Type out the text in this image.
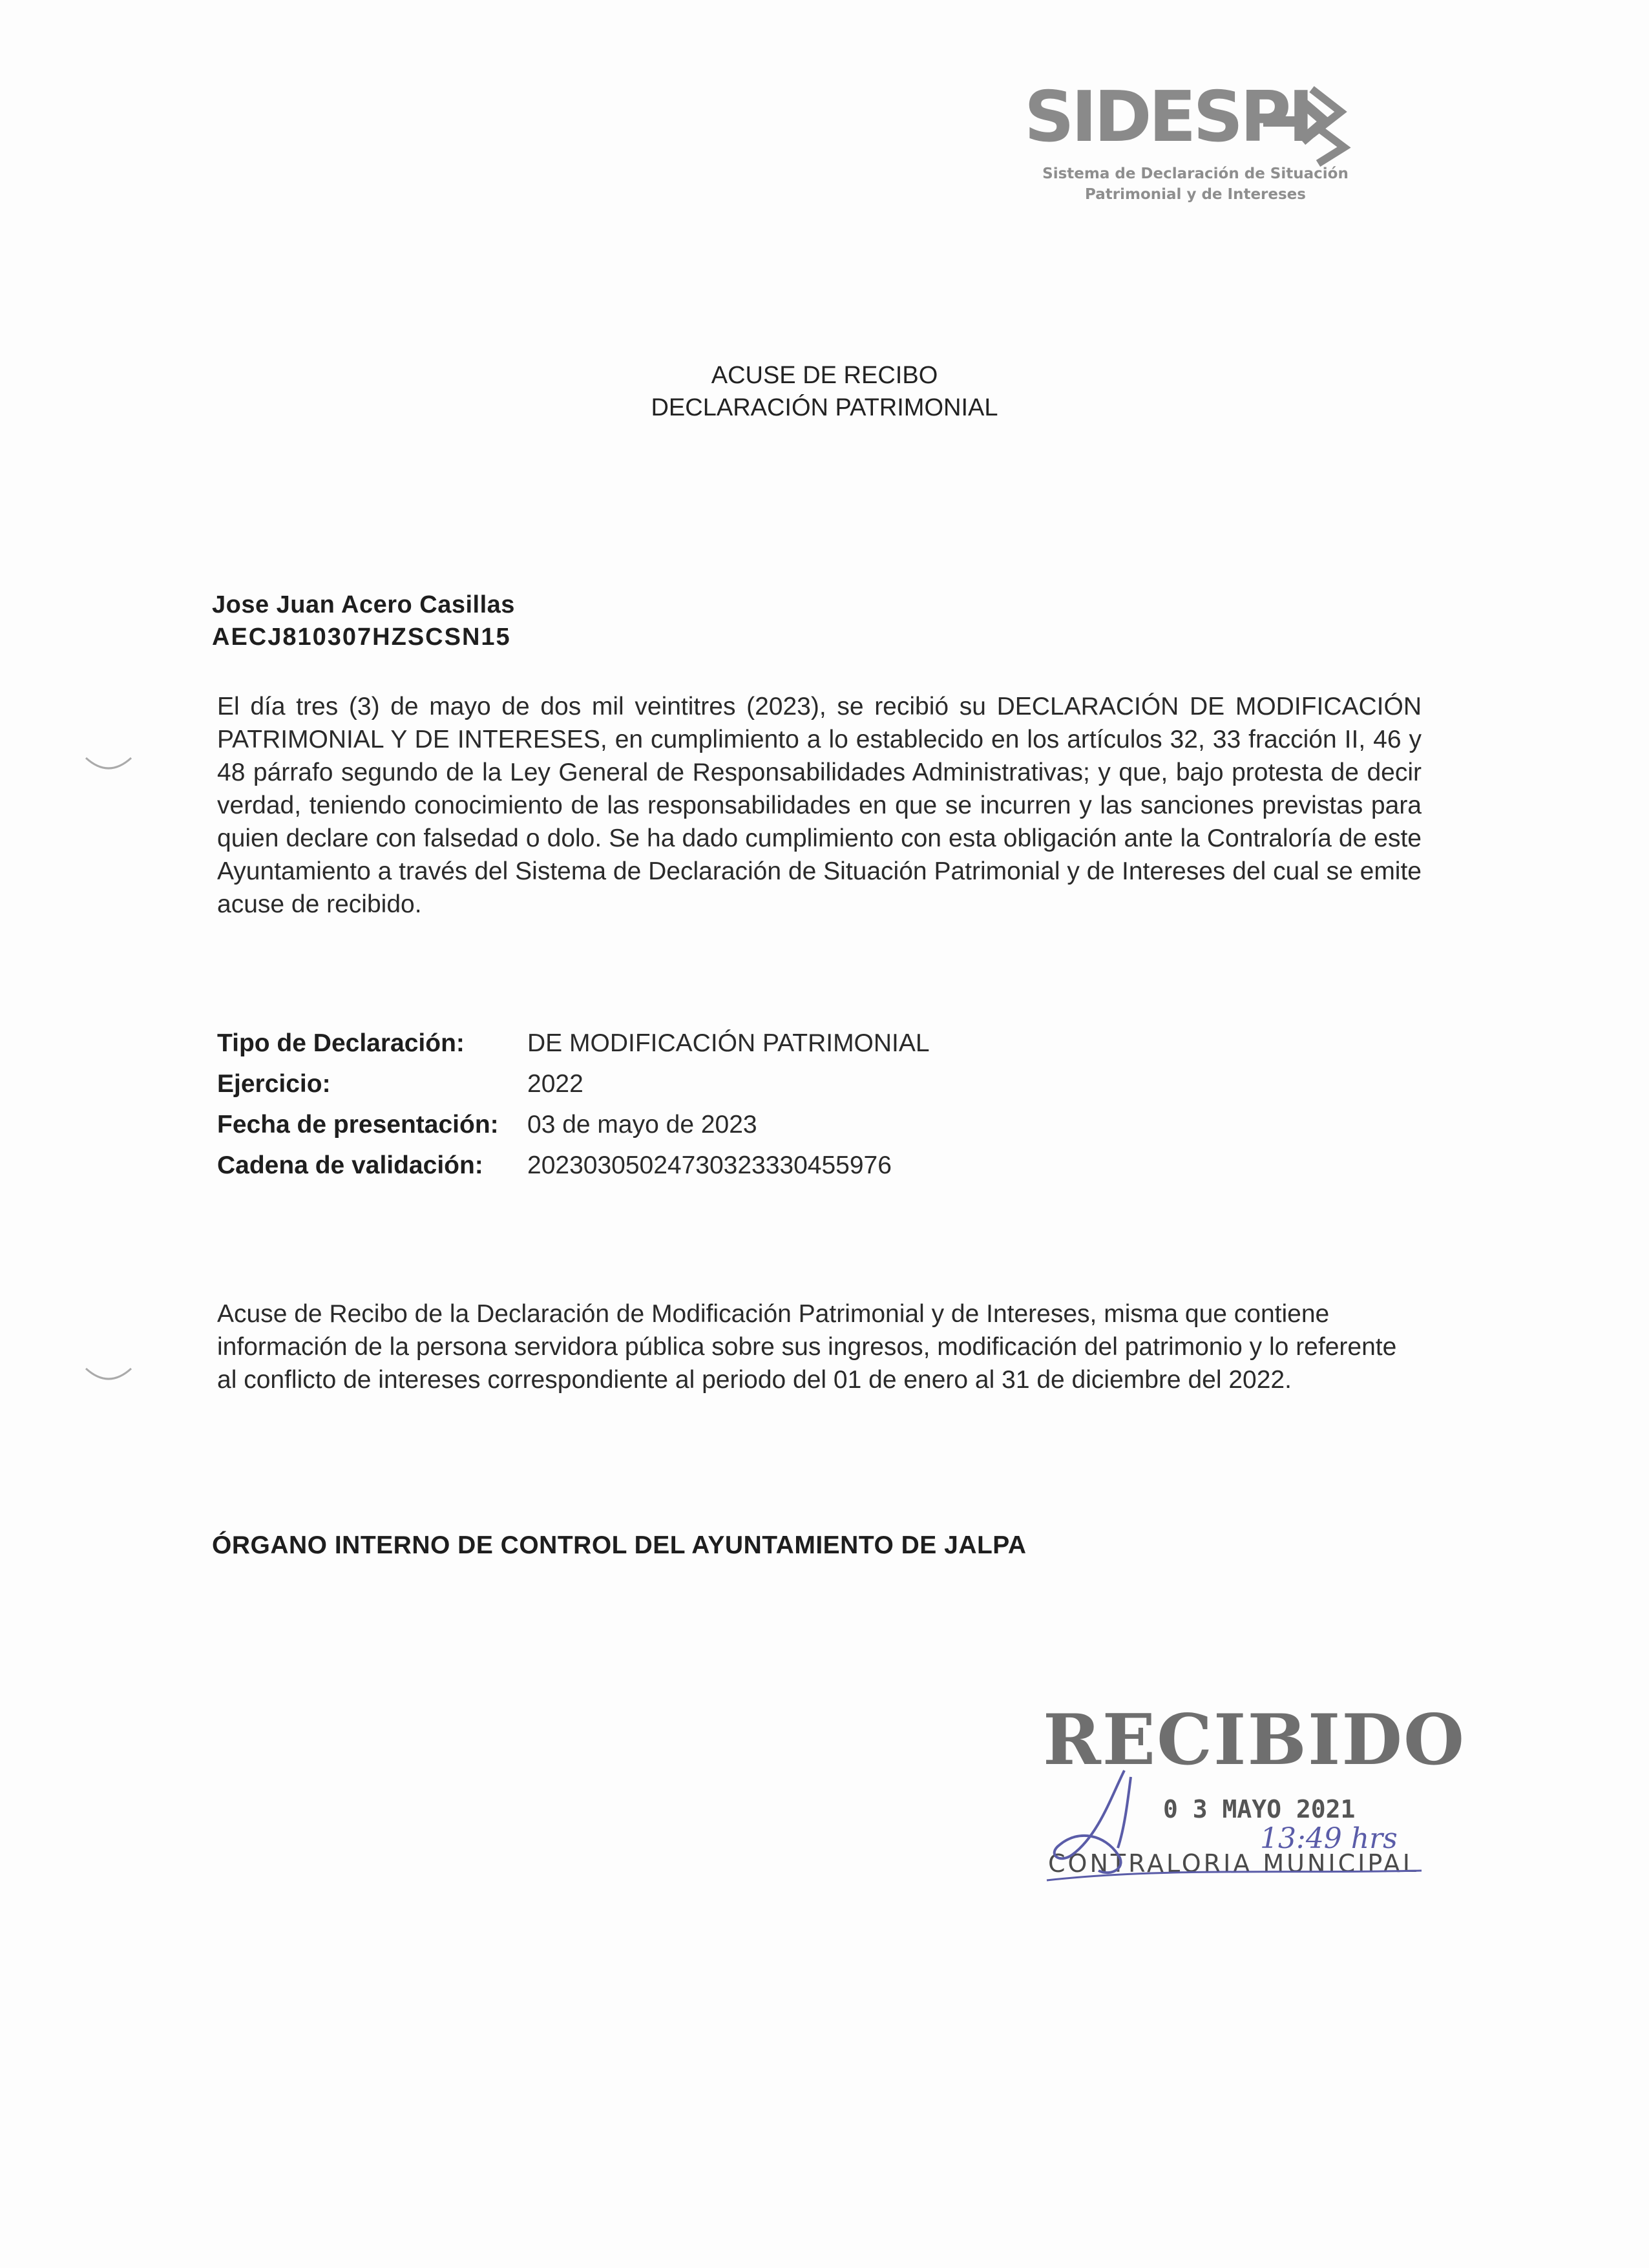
SIDESPI
Sistema de Declaración de Situación
Patrimonial y de Intereses
ACUSE DE RECIBO
DECLARACIÓN PATRIMONIAL
Jose Juan Acero Casillas
AECJ810307HZSCSN15
El día tres (3) de mayo de dos mil veintitres (2023), se recibió su DECLARACIÓN DE MODIFICACIÓN PATRIMONIAL Y DE INTERESES, en cumplimiento a lo establecido en los artículos 32, 33 fracción II, 46 y 48 párrafo segundo de la Ley General de Responsabilidades Administrativas; y que, bajo protesta de decir verdad, teniendo conocimiento de las responsabilidades en que se incurren y las sanciones previstas para quien declare con falsedad o dolo. Se ha dado cumplimiento con esta obligación ante la Contraloría de este Ayuntamiento a través del Sistema de Declaración de Situación Patrimonial y de Intereses del cual se emite acuse de recibido.
Tipo de Declaración: DE MODIFICACIÓN PATRIMONIAL
Ejercicio:	2022
Fecha de presentación: 03 de mayo de 2023
Cadena de validación: 20230305024730323330455976
Acuse de Recibo de la Declaración de Modificación Patrimonial y de Intereses, misma que contiene información de la persona servidora pública sobre sus ingresos, modificación del patrimonio y lo referente al conflicto de intereses correspondiente al periodo del 01 de enero al 31 de diciembre del 2022.
ÓRGANO INTERNO DE CONTROL DEL AYUNTAMIENTO DE JALPA
RECIBIDO
0 3 MAYO 2021
CONTRALORIA MUNICIPAL
13:49 hrs
